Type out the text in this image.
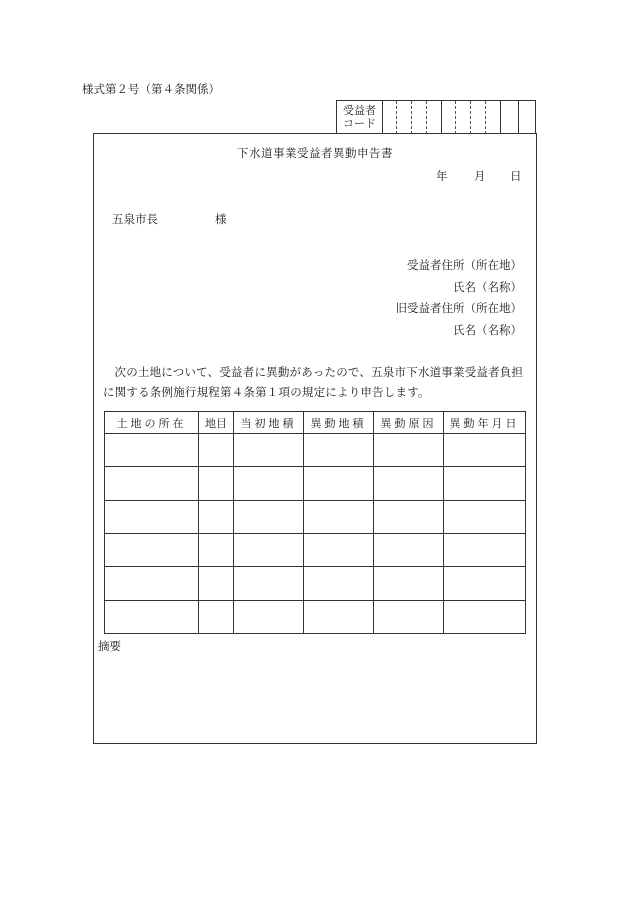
様式第２号（第４条関係）
受益者
コード
下水道事業受益者異動申告書
年 月 日
五泉市長	様
受益者住所（所在地）
氏名（名称）
旧受益者住所（所在地）
氏名（名称）
次の土地について、受益者に異動があったので、五泉市下水道事業受益者負担に関する条例施行規程第４条第１項の規定により申告します。
土地の所在	地目	当初地積	異動地積	異動原因	異動年月日

摘要
